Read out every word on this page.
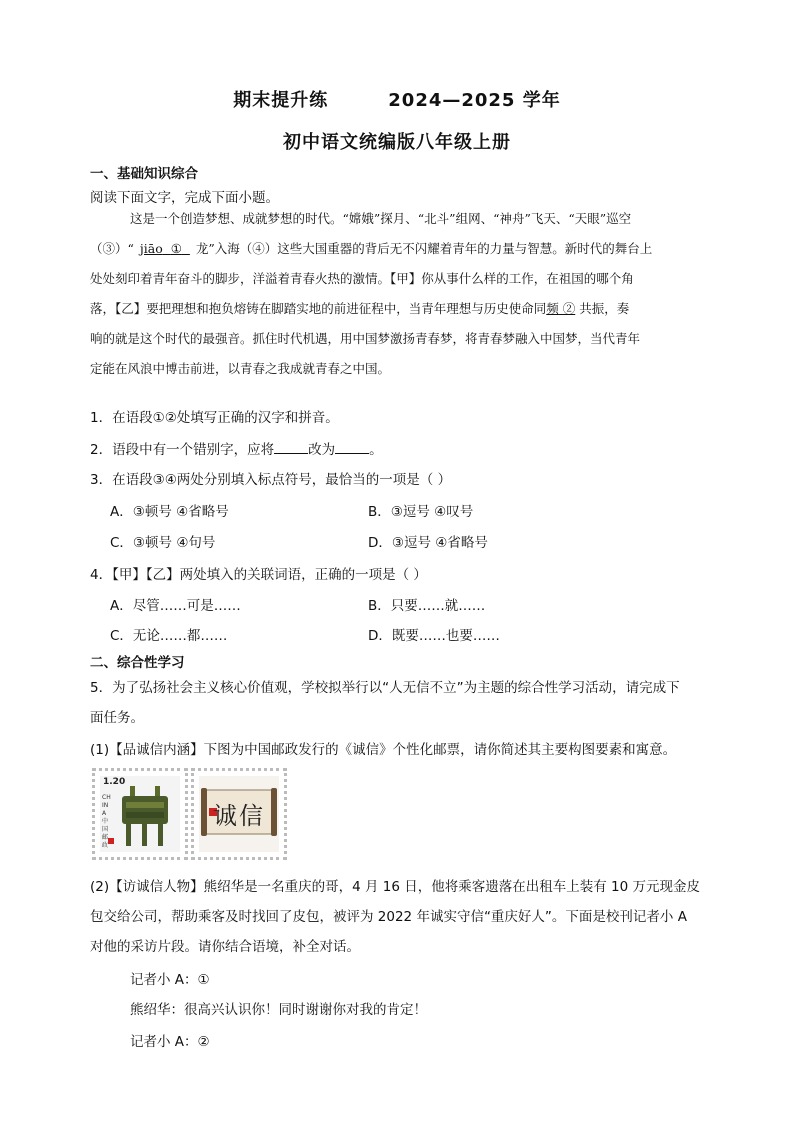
期末提升练	2024—2025 学年
初中语文统编版八年级上册
一、基础知识综合
阅读下面文字，完成下面小题。

这是一个创造梦想、成就梦想的时代。“嫦娥”探月、“北斗”组网、“神舟”飞天、“天眼”巡空

（③）“ jiāo ① 龙”入海（④）这些大国重器的背后无不闪耀着青年的力量与智慧。新时代的舞台上

处处刻印着青年奋斗的脚步，洋溢着青春火热的激情。【甲】你从事什么样的工作，在祖国的哪个角

落，【乙】要把理想和抱负熔铸在脚踏实地的前进征程中，当青年理想与历史使命同频 ② 共振，奏

响的就是这个时代的最强音。抓住时代机遇，用中国梦激扬青春梦，将青春梦融入中国梦，当代青年

定能在风浪中博击前进，以青春之我成就青春之中国。

1．在语段①②处填写正确的汉字和拼音。
2．语段中有一个错别字，应将	改为	。
3．在语段③④两处分别填入标点符号，最恰当的一项是（ ）
A．③顿号 ④省略号	B．③逗号 ④叹号
C．③顿号 ④句号	D．③逗号 ④省略号
4．【甲】【乙】两处填入的关联词语，正确的一项是（ ）
A．尽管……可是……	B．只要……就……
C．无论……都……	D．既要……也要……
二、综合性学习
5．为了弘扬社会主义核心价值观，学校拟举行以“人无信不立”为主题的综合性学习活动，请完成下
面任务。
(1)【品诚信内涵】下图为中国邮政发行的《诚信》个性化邮票，请你简述其主要构图要素和寓意。
1.20
CHINA中国邮政
诚信
(2)【访诚信人物】熊绍华是一名重庆的哥，4 月 16 日，他将乘客遗落在出租车上装有 10 万元现金皮
包交给公司，帮助乘客及时找回了皮包，被评为 2022 年诚实守信“重庆好人”。下面是校刊记者小 A
对他的采访片段。请你结合语境，补全对话。
记者小 A：①
熊绍华：很高兴认识你！同时谢谢你对我的肯定！
记者小 A：②
